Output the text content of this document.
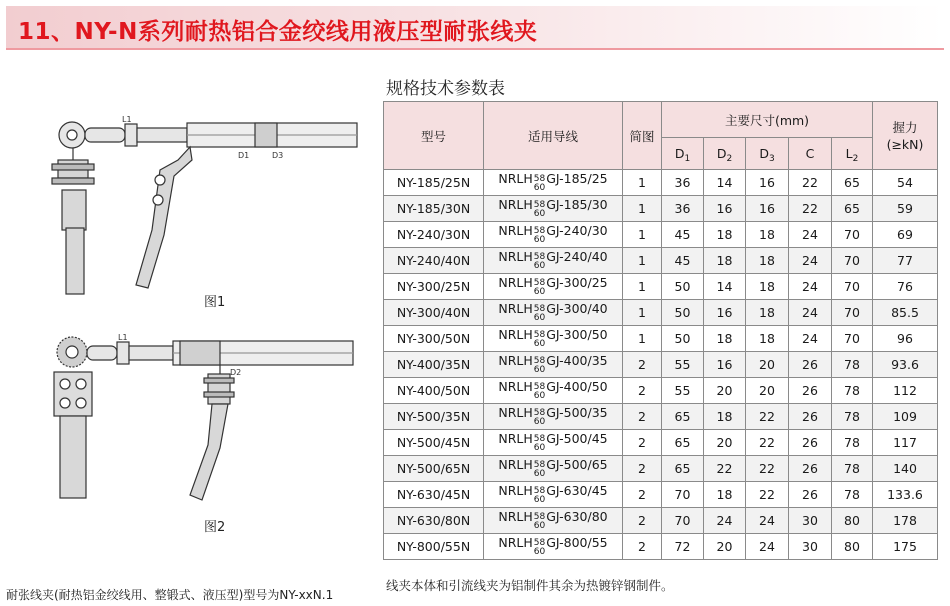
11、NY-N系列耐热铝合金绞线用液压型耐张线夹
L1
D1	D3
图1
L1
D2
图2
规格技术参数表
型号	适用导线	简图	主要尺寸(mm)					握力
(≥kN)
			$D_1$	$D_2$	$D_3$	C	$L_2$
NY-185/25N	NRLH 58
60
GJ-185/25	1	36	14	16	22	65	54
NY-185/30N	NRLH 58
60
GJ-185/30	1	36	16	16	22	65	59
NY-240/30N	NRLH 58
60
GJ-240/30	1	45	18	18	24	70	69
NY-240/40N	NRLH 58
60
GJ-240/40	1	45	18	18	24	70	77
NY-300/25N	NRLH 58
60
GJ-300/25	1	50	14	18	24	70	76
NY-300/40N	NRLH 58
60
GJ-300/40	1	50	16	18	24	70	85.5
NY-300/50N	NRLH 58
60
GJ-300/50	1	50	18	18	24	70	96
NY-400/35N	NRLH 58
60
GJ-400/35	2	55	16	20	26	78	93.6
NY-400/50N	NRLH 58
60
GJ-400/50	2	55	20	20	26	78	112
NY-500/35N	NRLH 58
60
GJ-500/35	2	65	18	22	26	78	109
NY-500/45N	NRLH 58
60
GJ-500/45	2	65	20	22	26	78	117
NY-500/65N	NRLH 58
60
GJ-500/65	2	65	22	22	26	78	140
NY-630/45N	NRLH 58
60
GJ-630/45	2	70	18	22	26	78	133.6
NY-630/80N	NRLH 58
60
GJ-630/80	2	70	24	24	30	80	178
NY-800/55N	NRLH 58
60
GJ-800/55	2	72	20	24	30	80	175
线夹本体和引流线夹为铝制件其余为热镀锌钢制件。
耐张线夹(耐热铝金绞线用、整锻式、液压型)型号为NY-xxN.1
